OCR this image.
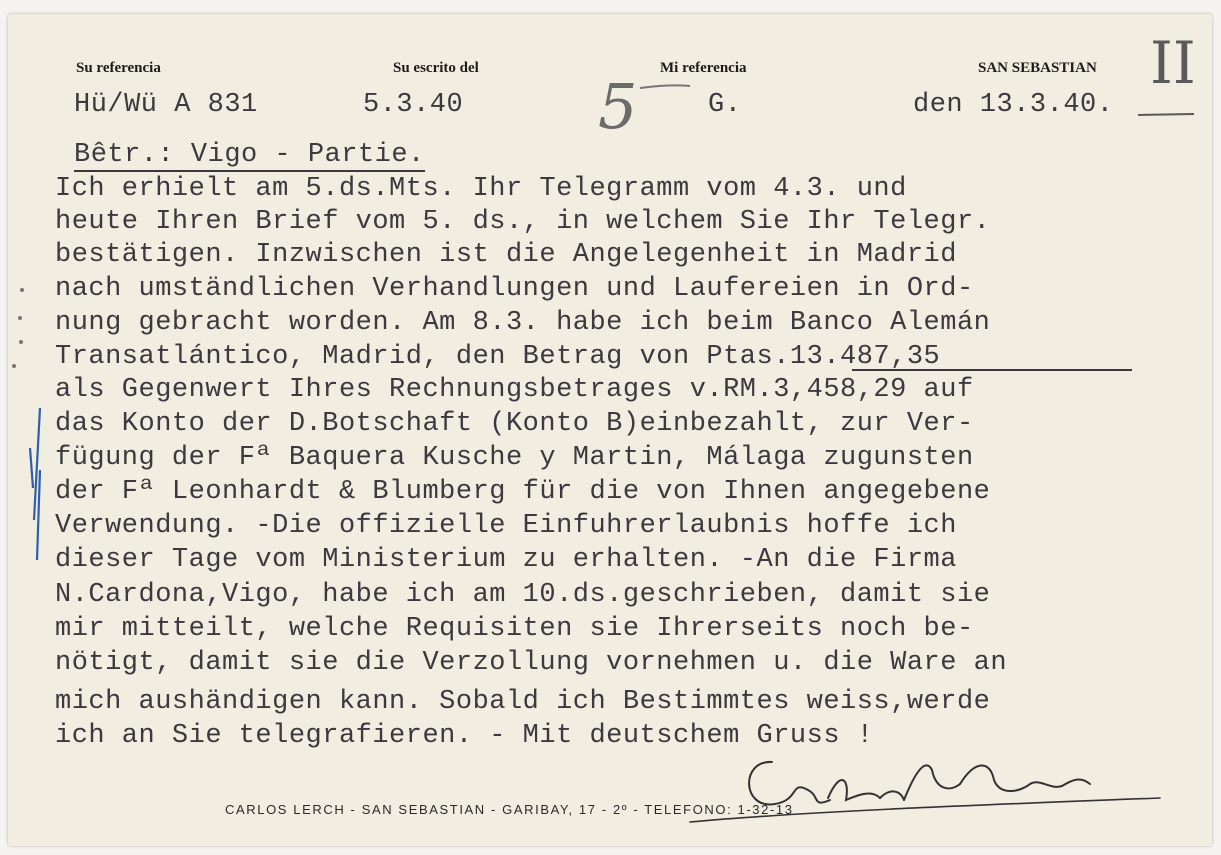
Su referencia	Su escrito del	Mi referencia	SAN SEBASTIAN II
Hü/Wü A 831	5.3.40 5	G.	den 13.3.40.
Bêtr.: Vigo - Partie.
Ich erhielt am 5.ds.Mts. Ihr Telegramm vom 4.3. und
heute Ihren Brief vom 5. ds., in welchem Sie Ihr Telegr.
bestätigen. Inzwischen ist die Angelegenheit in Madrid
nach umständlichen Verhandlungen und Laufereien in Ord-
nung gebracht worden. Am 8.3. habe ich beim Banco Alemán
Transatlántico, Madrid, den Betrag von Ptas.13.487,35
als Gegenwert Ihres Rechnungsbetrages v.RM.3,458,29 auf
das Konto der D.Botschaft (Konto B)einbezahlt, zur Ver-
fügung der Fª Baquera Kusche y Martin, Málaga zugunsten
der Fª Leonhardt & Blumberg für die von Ihnen angegebene
Verwendung. -Die offizielle Einfuhrerlaubnis hoffe ich
dieser Tage vom Ministerium zu erhalten. -An die Firma
N.Cardona,Vigo, habe ich am 10.ds.geschrieben, damit sie
mir mitteilt, welche Requisiten sie Ihrerseits noch be-
nötigt, damit sie die Verzollung vornehmen u. die Ware an
mich aushändigen kann. Sobald ich Bestimmtes weiss,werde
ich an Sie telegrafieren. - Mit deutschem Gruss !
CARLOS LERCH - SAN SEBASTIAN - GARIBAY, 17 - 2º - TELEFONO: 1-32-13
